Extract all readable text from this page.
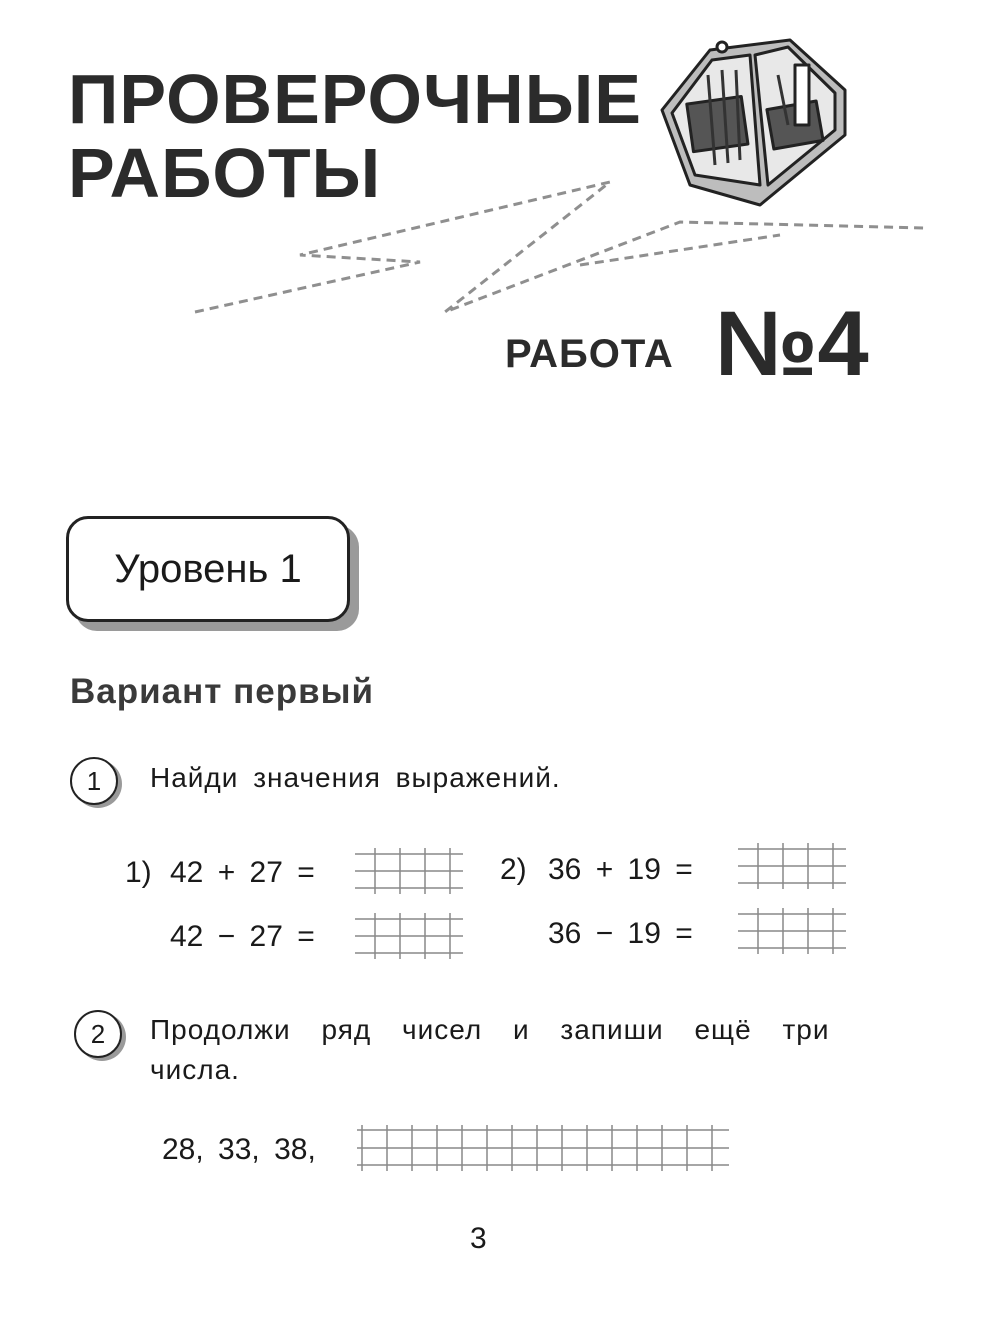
ПРОВЕРОЧНЫЕ
РАБОТЫ
РАБОТА №4
Уровень 1
Вариант первый
1 Найди значения выражений.
1) 42 + 27 =
42 − 27 =
2) 36 + 19 =
36 − 19 =
2 Продолжи ряд чисел и запиши ещё три
числа.
28, 33, 38,
3
